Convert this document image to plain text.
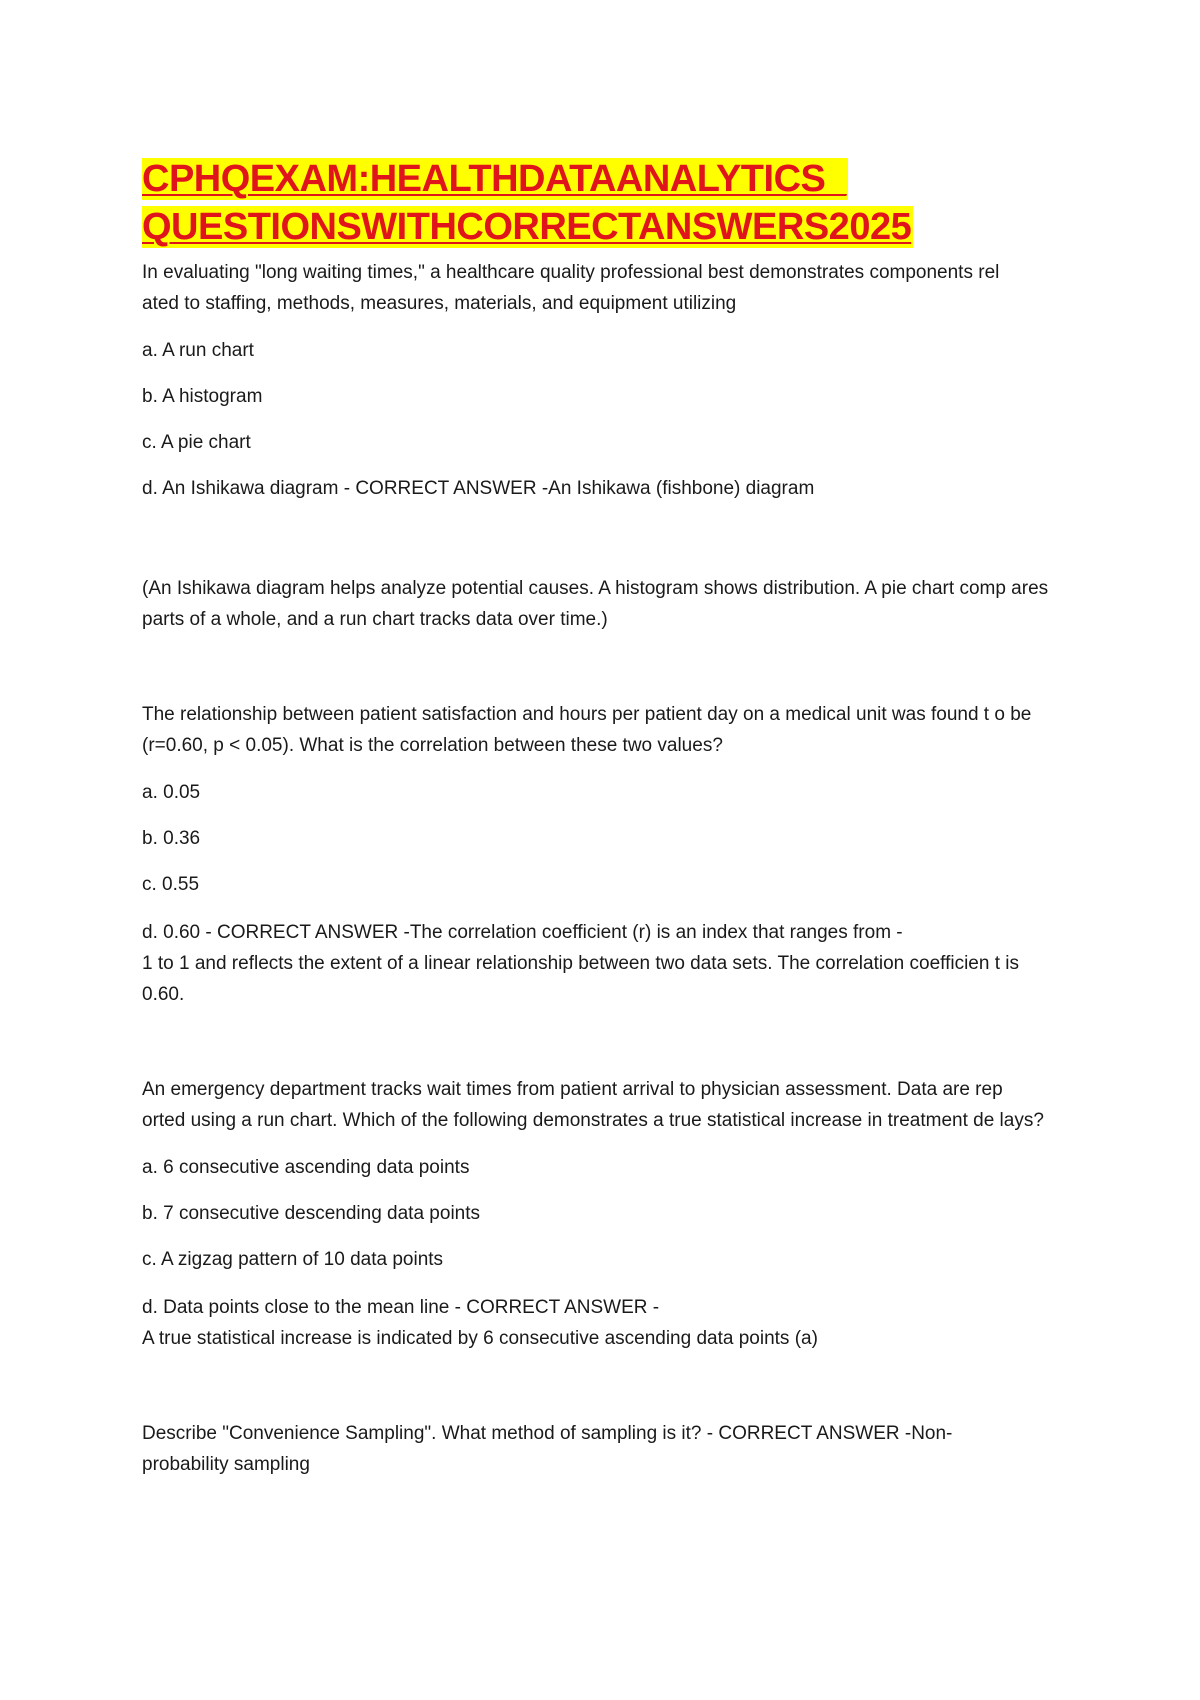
CPHQEXAM:HEALTHDATAANALYTICS_
QUESTIONSWITHCORRECTANSWERS2025

In evaluating "long waiting times," a healthcare quality professional best demonstrates components rel
ated to staffing, methods, measures, materials, and equipment utilizing

a. A run chart

b. A histogram

c. A pie chart

d. An Ishikawa diagram - CORRECT ANSWER -An Ishikawa (fishbone) diagram

(An Ishikawa diagram helps analyze potential causes. A histogram shows distribution. A pie chart comp ares
parts of a whole, and a run chart tracks data over time.)

The relationship between patient satisfaction and hours per patient day on a medical unit was found t o be
(r=0.60, p < 0.05). What is the correlation between these two values?

a. 0.05

b. 0.36

c. 0.55

d. 0.60 - CORRECT ANSWER -The correlation coefficient (r) is an index that ranges from -
1 to 1 and reflects the extent of a linear relationship between two data sets. The correlation coefficien t is
0.60.

An emergency department tracks wait times from patient arrival to physician assessment. Data are rep
orted using a run chart. Which of the following demonstrates a true statistical increase in treatment de lays?

a. 6 consecutive ascending data points

b. 7 consecutive descending data points

c. A zigzag pattern of 10 data points

d. Data points close to the mean line - CORRECT ANSWER -
A true statistical increase is indicated by 6 consecutive ascending data points (a)

Describe "Convenience Sampling". What method of sampling is it? - CORRECT ANSWER -Non-
probability sampling
